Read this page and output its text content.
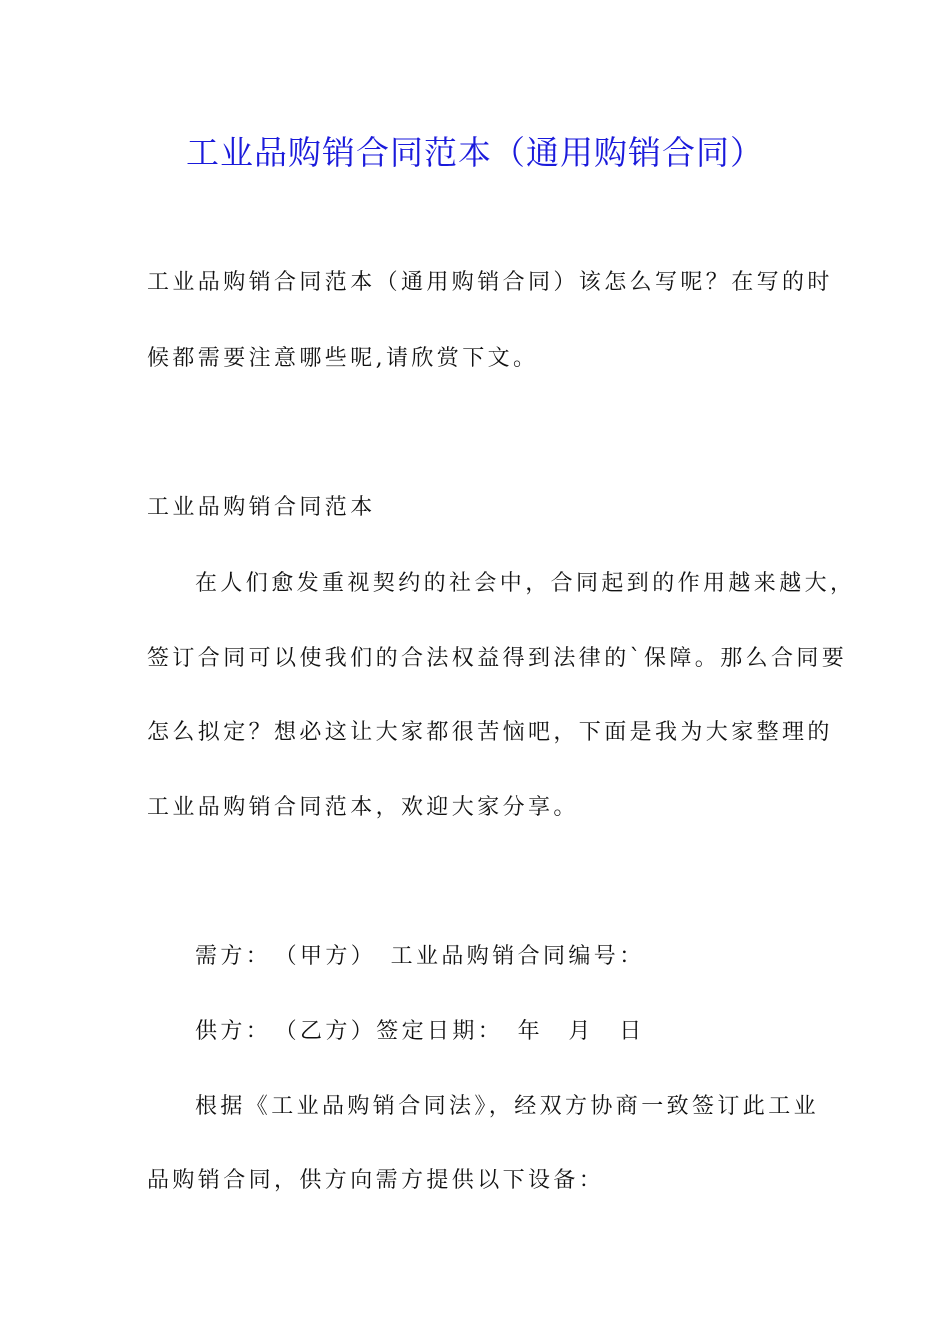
工业品购销合同范本（通用购销合同）
工业品购销合同范本（通用购销合同）该怎么写呢？在写的时
候都需要注意哪些呢,请欣赏下文。
工业品购销合同范本
在人们愈发重视契约的社会中，合同起到的作用越来越大，
签订合同可以使我们的合法权益得到法律的`保障。那么合同要
怎么拟定？想必这让大家都很苦恼吧，下面是我为大家整理的
工业品购销合同范本，欢迎大家分享。
需方：　（甲方）　工业品购销合同编号：
供方：　（乙方）签定日期：　年　月　日
根据《工业品购销合同法》，经双方协商一致签订此工业
品购销合同，供方向需方提供以下设备：
